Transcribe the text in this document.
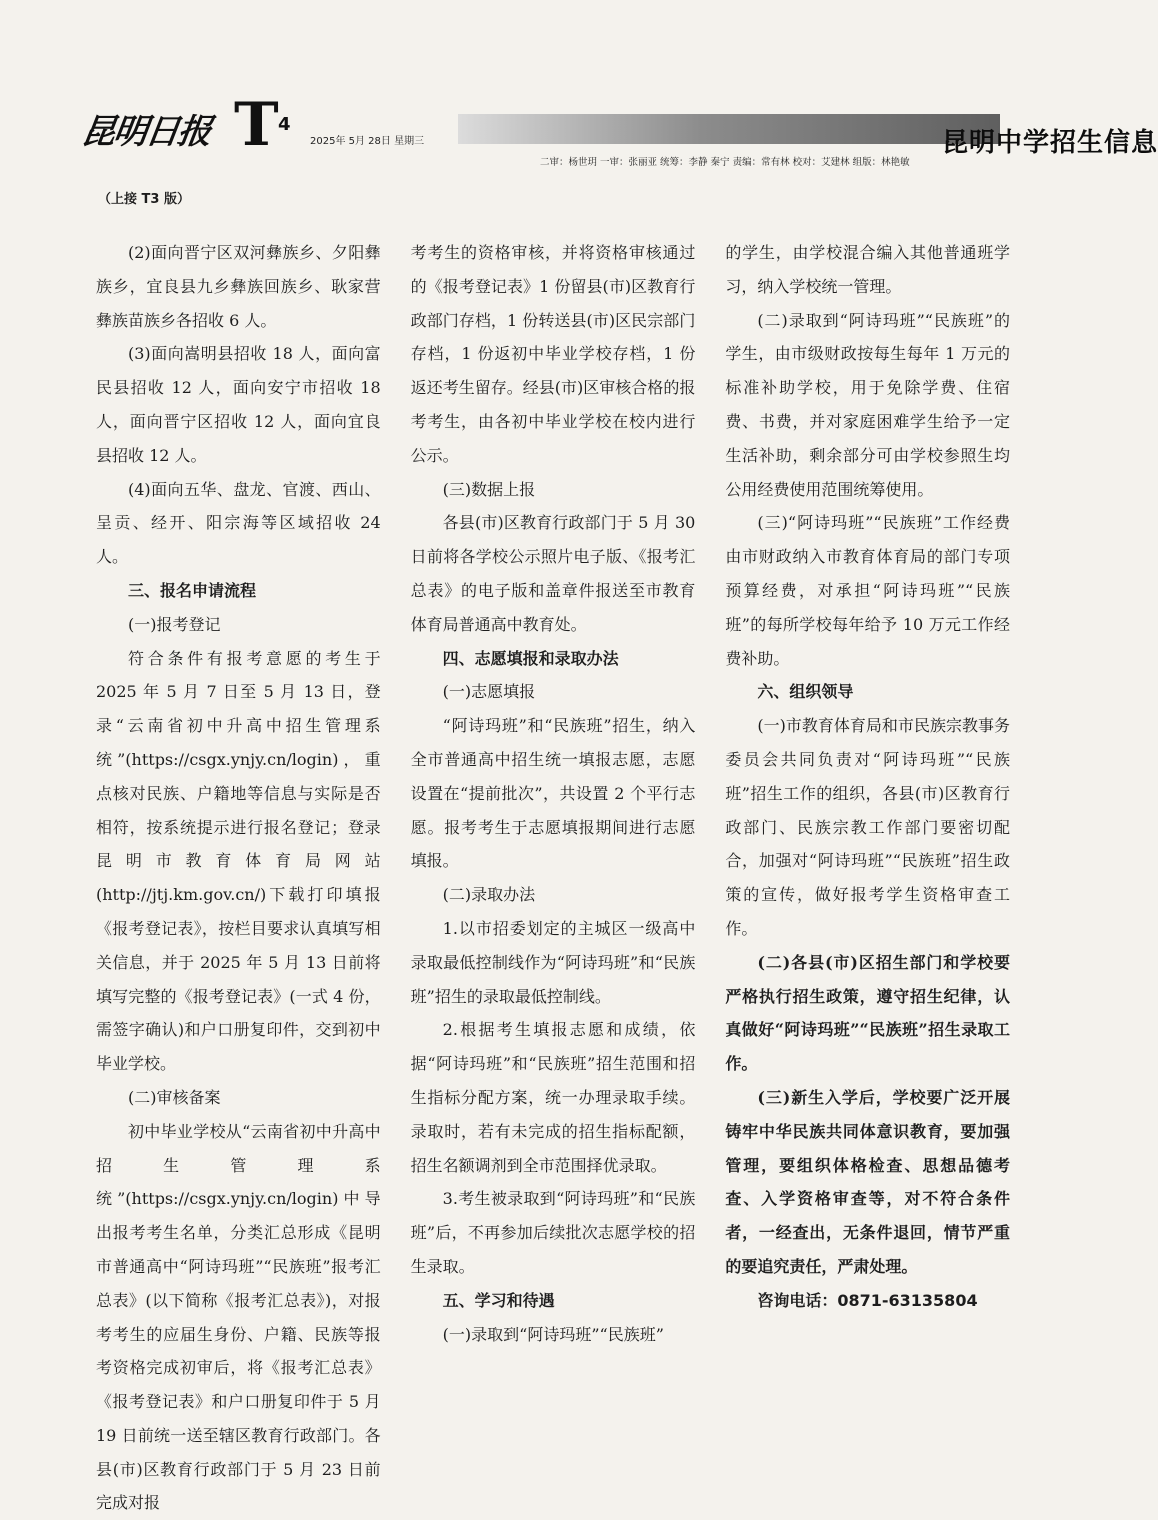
昆明日报 T 4
2025年 5月 28日 星期三	昆明中学招生信息
二审：杨世玥 一审：张丽亚 统筹：李静 秦宁 责编：常有林 校对：艾建林 组版：林艳敏
（上接 T3 版）

(2)面向晋宁区双河彝族乡、夕阳彝族乡，宜良县九乡彝族回族乡、耿家营彝族苗族乡各招收 6 人。

(3)面向嵩明县招收 18 人，面向富民县招收 12 人，面向安宁市招收 18 人，面向晋宁区招收 12 人，面向宜良县招收 12 人。

(4)面向五华、盘龙、官渡、西山、呈贡、经开、阳宗海等区域招收 24 人。

三、报名申请流程

(一)报考登记

符合条件有报考意愿的考生于 2025 年 5 月 7 日至 5 月 13 日，登录“云南省初中升高中招生管理系统”(https://csgx.ynjy.cn/login)，重点核对民族、户籍地等信息与实际是否相符，按系统提示进行报名登记；登录昆明市教育体育局网站(http://jtj.km.gov.cn/)下载打印填报《报考登记表》，按栏目要求认真填写相关信息，并于 2025 年 5 月 13 日前将填写完整的《报考登记表》(一式 4 份，需签字确认)和户口册复印件，交到初中毕业学校。

(二)审核备案

初中毕业学校从“云南省初中升高中招生管理系统”(https://csgx.ynjy.cn/login)中导出报考考生名单，分类汇总形成《昆明市普通高中“阿诗玛班”“民族班”报考汇总表》(以下简称《报考汇总表》)，对报考考生的应届生身份、户籍、民族等报考资格完成初审后，将《报考汇总表》《报考登记表》和户口册复印件于 5 月 19 日前统一送至辖区教育行政部门。各县(市)区教育行政部门于 5 月 23 日前完成对报

考考生的资格审核，并将资格审核通过的《报考登记表》1 份留县(市)区教育行政部门存档，1 份转送县(市)区民宗部门存档，1 份返初中毕业学校存档，1 份返还考生留存。经县(市)区审核合格的报考考生，由各初中毕业学校在校内进行公示。

(三)数据上报

各县(市)区教育行政部门于 5 月 30 日前将各学校公示照片电子版、《报考汇总表》的电子版和盖章件报送至市教育体育局普通高中教育处。

四、志愿填报和录取办法

(一)志愿填报

“阿诗玛班”和“民族班”招生，纳入全市普通高中招生统一填报志愿，志愿设置在“提前批次”，共设置 2 个平行志愿。报考考生于志愿填报期间进行志愿填报。

(二)录取办法

1.以市招委划定的主城区一级高中录取最低控制线作为“阿诗玛班”和“民族班”招生的录取最低控制线。

2.根据考生填报志愿和成绩，依据“阿诗玛班”和“民族班”招生范围和招生指标分配方案，统一办理录取手续。录取时，若有未完成的招生指标配额，招生名额调剂到全市范围择优录取。

3.考生被录取到“阿诗玛班”和“民族班”后，不再参加后续批次志愿学校的招生录取。

五、学习和待遇

(一)录取到“阿诗玛班”“民族班”

的学生，由学校混合编入其他普通班学习，纳入学校统一管理。

(二)录取到“阿诗玛班”“民族班”的学生，由市级财政按每生每年 1 万元的标准补助学校，用于免除学费、住宿费、书费，并对家庭困难学生给予一定生活补助，剩余部分可由学校参照生均公用经费使用范围统筹使用。

(三)“阿诗玛班”“民族班”工作经费由市财政纳入市教育体育局的部门专项预算经费，对承担“阿诗玛班”“民族班”的每所学校每年给予 10 万元工作经费补助。

六、组织领导

(一)市教育体育局和市民族宗教事务委员会共同负责对“阿诗玛班”“民族班”招生工作的组织，各县(市)区教育行政部门、民族宗教工作部门要密切配合，加强对“阿诗玛班”“民族班”招生政策的宣传，做好报考学生资格审查工作。

(二)各县(市)区招生部门和学校要严格执行招生政策，遵守招生纪律，认真做好“阿诗玛班”“民族班”招生录取工作。

(三)新生入学后，学校要广泛开展铸牢中华民族共同体意识教育，要加强管理，要组织体格检查、思想品德考查、入学资格审查等，对不符合条件者，一经查出，无条件退回，情节严重的要追究责任，严肃处理。

咨询电话：0871-63135804
